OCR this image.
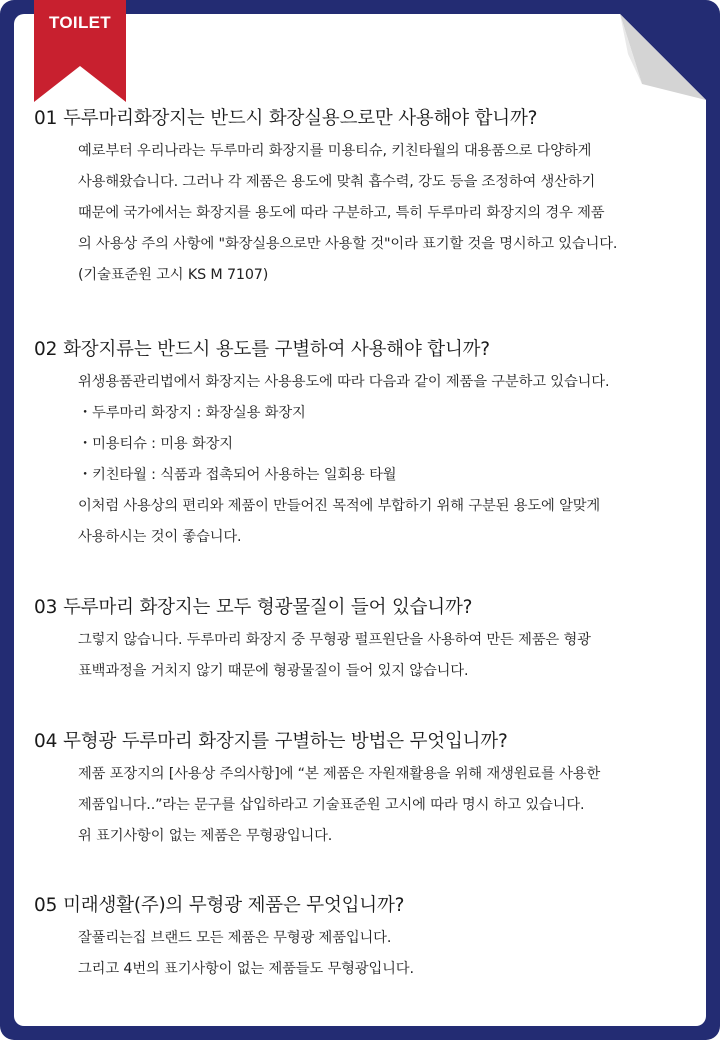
TOILET

01 두루마리화장지는 반드시 화장실용으로만 사용해야 합니까?

예로부터 우리나라는 두루마리 화장지를 미용티슈, 키친타월의 대용품으로 다양하게
사용해왔습니다. 그러나 각 제품은 용도에 맞춰 흡수력, 강도 등을 조정하여 생산하기
때문에 국가에서는 화장지를 용도에 따라 구분하고, 특히 두루마리 화장지의 경우 제품
의 사용상 주의 사항에 "화장실용으로만 사용할 것"이라 표기할 것을 명시하고 있습니다.
(기술표준원 고시 KS M 7107)

02 화장지류는 반드시 용도를 구별하여 사용해야 합니까?

위생용품관리법에서 화장지는 사용용도에 따라 다음과 같이 제품을 구분하고 있습니다.
・두루마리 화장지 : 화장실용 화장지
・미용티슈 : 미용 화장지
・키친타월 : 식품과 접촉되어 사용하는 일회용 타월
이처럼 사용상의 편리와 제품이 만들어진 목적에 부합하기 위해 구분된 용도에 알맞게
사용하시는 것이 좋습니다.

03 두루마리 화장지는 모두 형광물질이 들어 있습니까?

그렇지 않습니다. 두루마리 화장지 중 무형광 펄프원단을 사용하여 만든 제품은 형광
표백과정을 거치지 않기 때문에 형광물질이 들어 있지 않습니다.

04 무형광 두루마리 화장지를 구별하는 방법은 무엇입니까?

제품 포장지의 [사용상 주의사항]에 “본 제품은 자원재활용을 위해 재생원료를 사용한
제품입니다..”라는 문구를 삽입하라고 기술표준원 고시에 따라 명시 하고 있습니다.
위 표기사항이 없는 제품은 무형광입니다.

05 미래생활(주)의 무형광 제품은 무엇입니까?

잘풀리는집 브랜드 모든 제품은 무형광 제품입니다.
그리고 4번의 표기사항이 없는 제품들도 무형광입니다.
